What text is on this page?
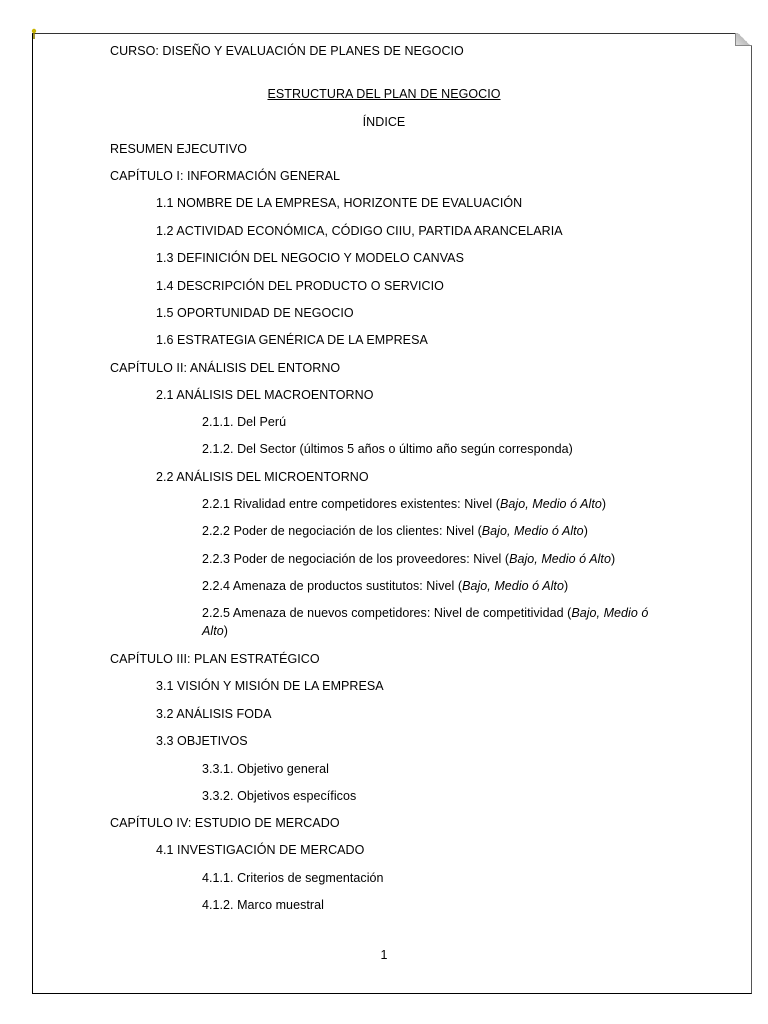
CURSO: DISEÑO Y EVALUACIÓN DE PLANES DE NEGOCIO
ESTRUCTURA DEL PLAN DE NEGOCIO
ÍNDICE
RESUMEN EJECUTIVO
CAPÍTULO I: INFORMACIÓN GENERAL
1.1 NOMBRE DE LA EMPRESA, HORIZONTE DE EVALUACIÓN
1.2 ACTIVIDAD ECONÓMICA, CÓDIGO CIIU, PARTIDA ARANCELARIA
1.3 DEFINICIÓN DEL NEGOCIO Y MODELO CANVAS
1.4 DESCRIPCIÓN DEL PRODUCTO O SERVICIO
1.5 OPORTUNIDAD DE NEGOCIO
1.6 ESTRATEGIA GENÉRICA DE LA EMPRESA
CAPÍTULO II: ANÁLISIS DEL ENTORNO
2.1 ANÁLISIS DEL MACROENTORNO
2.1.1. Del Perú
2.1.2. Del Sector (últimos 5 años o último año según corresponda)
2.2 ANÁLISIS DEL MICROENTORNO
2.2.1 Rivalidad entre competidores existentes: Nivel (Bajo, Medio ó Alto)
2.2.2 Poder de negociación de los clientes: Nivel (Bajo, Medio ó Alto)
2.2.3 Poder de negociación de los proveedores: Nivel (Bajo, Medio ó Alto)
2.2.4 Amenaza de productos sustitutos: Nivel (Bajo, Medio ó Alto)
2.2.5 Amenaza de nuevos competidores: Nivel de competitividad (Bajo, Medio ó Alto)
CAPÍTULO III: PLAN ESTRATÉGICO
3.1 VISIÓN Y MISIÓN DE LA EMPRESA
3.2 ANÁLISIS FODA
3.3 OBJETIVOS
3.3.1. Objetivo general
3.3.2. Objetivos específicos
CAPÍTULO IV: ESTUDIO DE MERCADO
4.1 INVESTIGACIÓN DE MERCADO
4.1.1. Criterios de segmentación
4.1.2. Marco muestral
1
